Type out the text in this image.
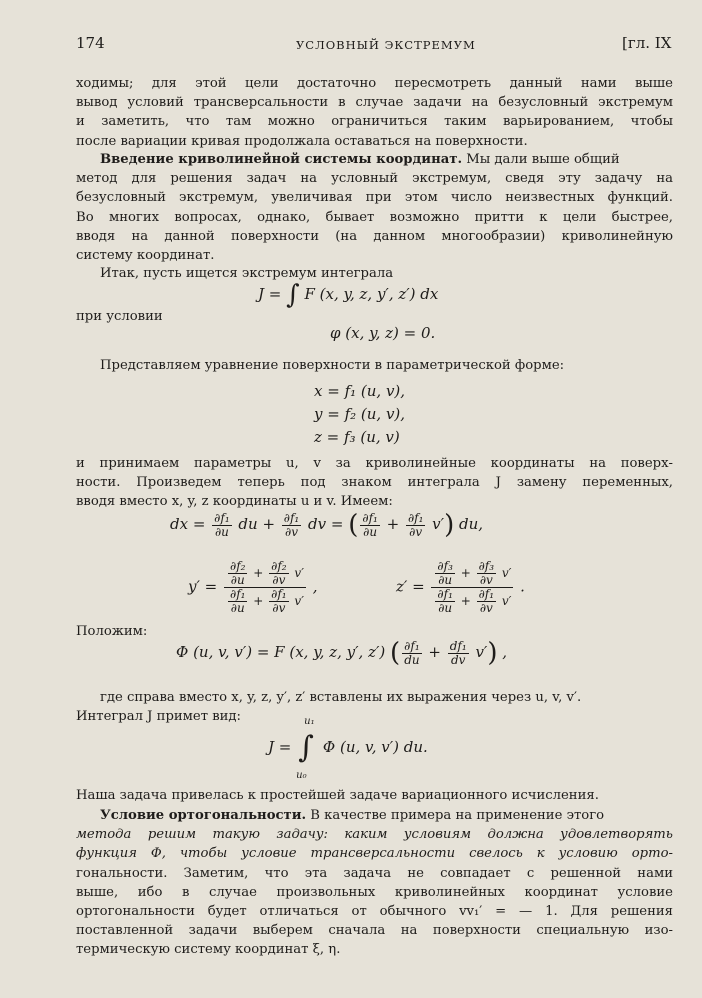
174	УСЛОВНЫЙ ЭКСТРЕМУМ	[гл. IX
ходимы; для этой цели достаточно пересмотреть данный нами выше
вывод условий трансверсальности в случае задачи на безусловный экстремум
и заметить, что там можно ограничиться таким варьированием, чтобы
после вариации кривая продолжала оставаться на поверхности.
Введение криволинейной системы координат. Мы дали выше общий
метод для решения задач на условный экстремум, сведя эту задачу на
безусловный экстремум, увеличивая при этом число неизвестных функций.
Во многих вопросах, однако, бывает возможно притти к цели быстрее,
вводя на данной поверхности (на данном многообразии) криволинейную
систему координат.
Итак, пусть ищется экстремум интеграла
J = ∫ F (x, y, z, y′, z′) dx
при условии
φ (x, y, z) = 0.
Представляем уравнение поверхности в параметрической форме:
x = f₁ (u, v),
y = f₂ (u, v),
z = f₃ (u, v)
и принимаем параметры u, v за криволинейные координаты на поверх-
ности. Произведем теперь под знаком интеграла J замену переменных,
вводя вместо x, y, z координаты u и v. Имеем:
dx = $\frac{\text{∂f₁}}{\partial u}$ du + $\frac{\text{∂f₁}}{\partial v}$ dv = ( $\frac{\text{∂f₁}}{\partial u} + \frac{\text{∂f₁}}{\partial v} v'$) du,
$y' = \frac{\frac{\text{∂f₂}}{\partial u} + \frac{\text{∂f₂}}{\partial v} v'}{\frac{\text{∂f₁}}{\partial u} + \frac{\text{∂f₁}}{\partial v} v'}$ ,	$z' = \frac{\frac{\text{∂f₃}}{\partial u} + \frac{\text{∂f₃}}{\partial v} v'}{\frac{\text{∂f₁}}{\partial u} + \frac{\text{∂f₁}}{\partial v} v'}$ .
Положим:
Φ (u, v, v′) = F (x, y, z, y′, z′) ( $\frac{\text{∂f₁}}{du} + \frac{\text{df₁}}{dv} v'$) ,
где справа вместо x, y, z, y′, z′ вставлены их выражения через u, v, v′.
Интеграл J примет вид:
J =
u₁
∫
u₀
Φ (u, v, v′) du.
Наша задача привелась к простейшей задаче вариационного исчисления.
Условие ортогональности. В качестве примера на применение этого
метода решим такую задачу: каким условиям должна удовлетворять
функция Φ, чтобы условие трансверсальности свелось к условию орто-
гональности. Заметим, что эта задача не совпадает с решенной нами
выше, ибо в случае произвольных криволинейных координат условие
ортогональности будет отличаться от обычного vv₁′ = — 1. Для решения
поставленной задачи выберем сначала на поверхности специальную изо-
термическую систему координат ξ, η.
